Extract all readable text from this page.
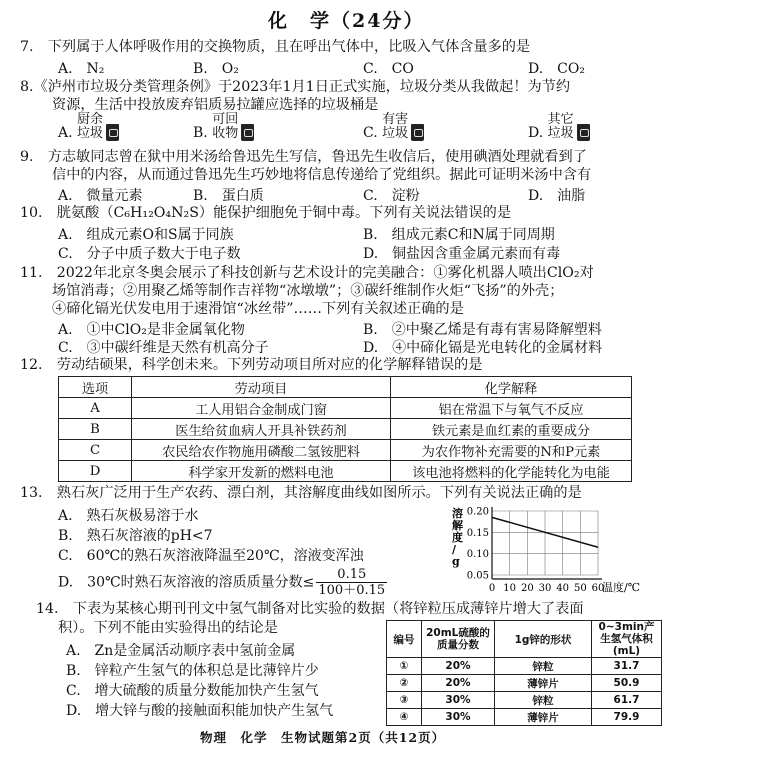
化　学（24分）
7.　下列属于人体呼吸作用的交换物质，且在呼出气体中，比吸入气体含量多的是
A.　N₂	B.　O₂	C.　CO	D.　CO₂
8.《泸州市垃圾分类管理条例》于2023年1月1日正式实施，垃圾分类从我做起！为节约
资源，生活中投放废弃铝质易拉罐应选择的垃圾桶是
A. 厨余
垃圾	B. 可回
收物	C. 有害
垃圾	D. 其它
垃圾
9.　方志敏同志曾在狱中用米汤给鲁迅先生写信，鲁迅先生收信后，使用碘酒处理就看到了
信中的内容，从而通过鲁迅先生巧妙地将信息传递给了党组织。据此可证明米汤中含有
A.　微量元素	B.　蛋白质	C.　淀粉	D.　油脂
10.　胱氨酸（C₆H₁₂O₄N₂S）能保护细胞免于铜中毒。下列有关说法错误的是
A.　组成元素O和S属于同族	B.　组成元素C和N属于同周期
C.　分子中质子数大于电子数	D.　铜盐因含重金属元素而有毒
11.　2022年北京冬奥会展示了科技创新与艺术设计的完美融合：①雾化机器人喷出ClO₂对
场馆消毒；②用聚乙烯等制作吉祥物“冰墩墩”；③碳纤维制作火炬“飞扬”的外壳；
④碲化镉光伏发电用于速滑馆“冰丝带”……下列有关叙述正确的是
A.　①中ClO₂是非金属氧化物	B.　②中聚乙烯是有毒有害易降解塑料
C.　③中碳纤维是天然有机高分子	D.　④中碲化镉是光电转化的金属材料
12.　劳动结硕果，科学创未来。下列劳动项目所对应的化学解释错误的是
选项	劳动项目	化学解释
A	工人用铝合金制成门窗	铝在常温下与氧气不反应
B	医生给贫血病人开具补铁药剂	铁元素是血红素的重要成分
C	农民给农作物施用磷酸二氢铵肥料	为农作物补充需要的N和P元素
D	科学家开发新的燃料电池	该电池将燃料的化学能转化为电能
13.　熟石灰广泛用于生产农药、漂白剂，其溶解度曲线如图所示。下列有关说法正确的是
A.　熟石灰极易溶于水
B.　熟石灰溶液的pH<7
C.　60℃的熟石灰溶液降温至20℃，溶液变浑浊
D.　30℃时熟石灰溶液的溶质质量分数≤ $\frac{0.15}{100+0.15}$	0.05
0.10
0.15
0.20
0 10 20 30 40 50 60
溶解度/ g
温度/℃
14.　下表为某核心期刊刊文中氢气制备对比实验的数据（将锌粒压成薄锌片增大了表面
积）。下列不能由实验得出的结论是
A.　Zn是金属活动顺序表中氢前金属
B.　锌粒产生氢气的体积总是比薄锌片少
C.　增大硫酸的质量分数能加快产生氢气
D.　增大锌与酸的接触面积能加快产生氢气
编号	20mL硫酸的质量分数	1g锌的形状	0~3min产生氢气体积(mL)
①	20%	锌粒	31.7
②	20%	薄锌片	50.9
③	30%	锌粒	61.7
④	30%	薄锌片	79.9
物理　化学　生物试题第2页（共12页）
